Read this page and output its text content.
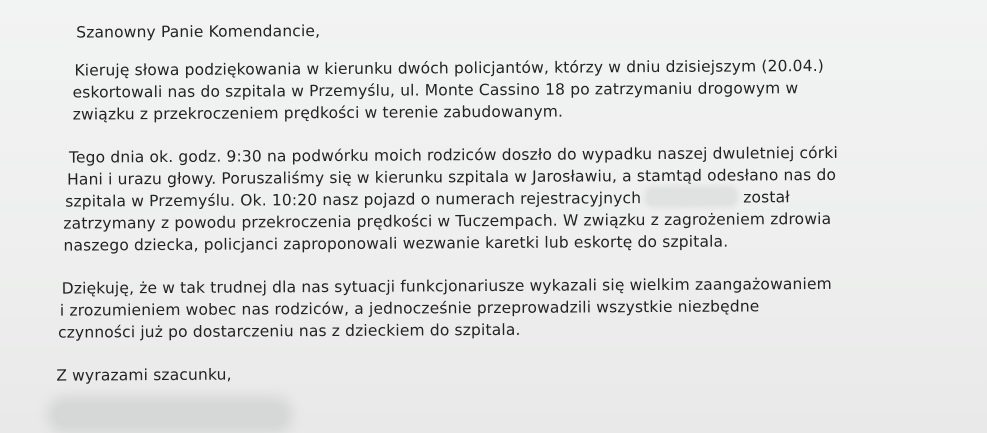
Szanowny Panie Komendancie,
Kieruję słowa podziękowania w kierunku dwóch policjantów, którzy w dniu dzisiejszym (20.04.)
eskortowali nas do szpitala w Przemyślu, ul. Monte Cassino 18 po zatrzymaniu drogowym w
związku z przekroczeniem prędkości w terenie zabudowanym.
Tego dnia ok. godz. 9:30 na podwórku moich rodziców doszło do wypadku naszej dwuletniej córki
Hani i urazu głowy. Poruszaliśmy się w kierunku szpitala w Jarosławiu, a stamtąd odesłano nas do
szpitala w Przemyślu. Ok. 10:20 nasz pojazd o numerach rejestracyjnych	został
zatrzymany z powodu przekroczenia prędkości w Tuczempach. W związku z zagrożeniem zdrowia
naszego dziecka, policjanci zaproponowali wezwanie karetki lub eskortę do szpitala.
Dziękuję, że w tak trudnej dla nas sytuacji funkcjonariusze wykazali się wielkim zaangażowaniem
i zrozumieniem wobec nas rodziców, a jednocześnie przeprowadzili wszystkie niezbędne
czynności już po dostarczeniu nas z dzieckiem do szpitala.
Z wyrazami szacunku,
